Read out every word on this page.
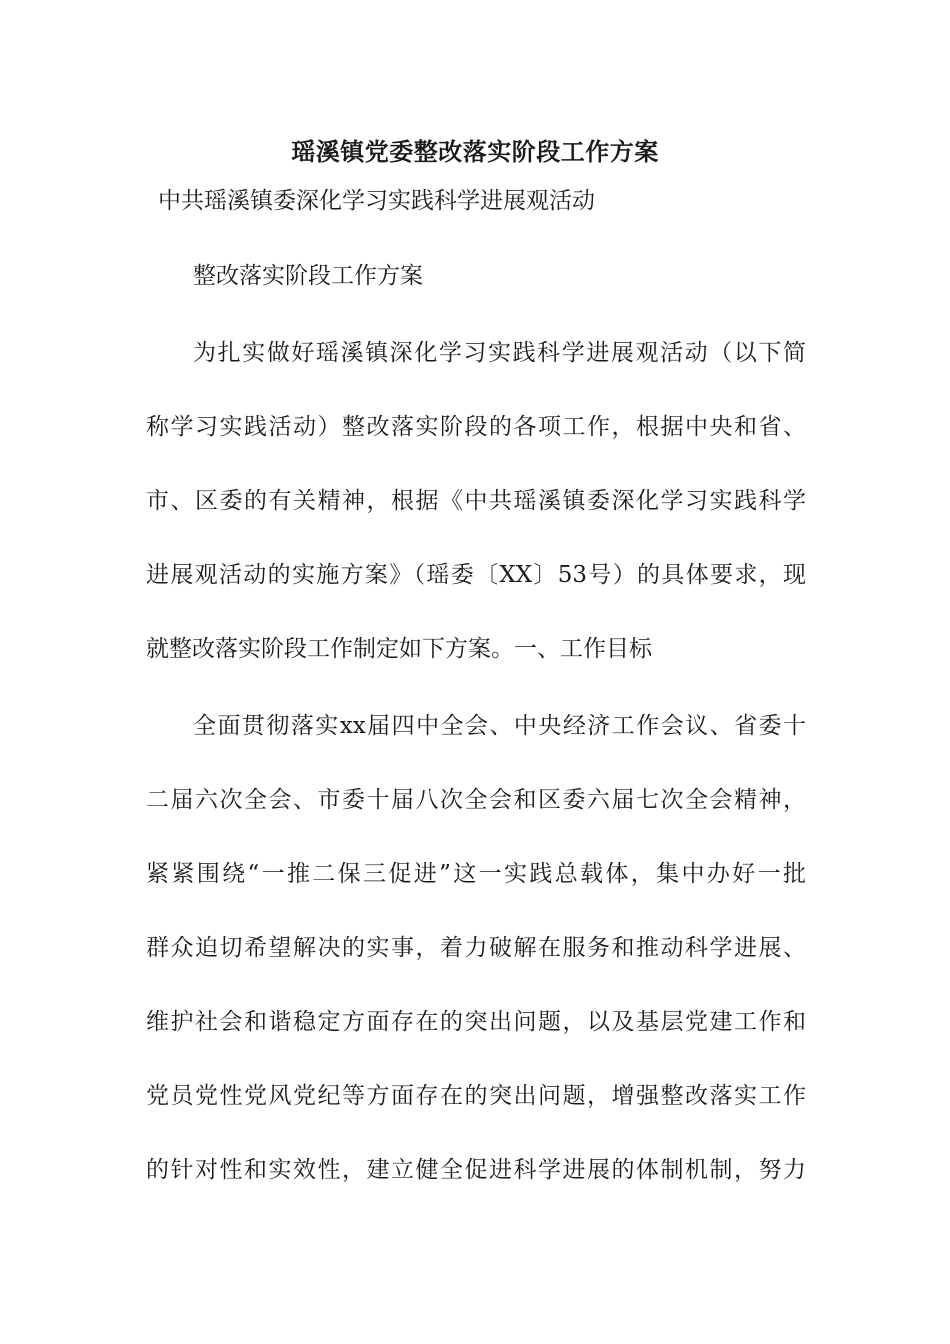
瑶溪镇党委整改落实阶段工作方案
中共瑶溪镇委深化学习实践科学进展观活动
整改落实阶段工作方案
为扎实做好瑶溪镇深化学习实践科学进展观活动（以下简
称学习实践活动）整改落实阶段的各项工作，根据中央和省、
市、区委的有关精神，根据《中共瑶溪镇委深化学习实践科学
进展观活动的实施方案》（瑶委〔XX〕53号）的具体要求，现
就整改落实阶段工作制定如下方案。一、工作目标
全面贯彻落实xx届四中全会、中央经济工作会议、省委十
二届六次全会、市委十届八次全会和区委六届七次全会精神，
紧紧围绕“一推二保三促进”这一实践总载体，集中办好一批
群众迫切希望解决的实事，着力破解在服务和推动科学进展、
维护社会和谐稳定方面存在的突出问题，以及基层党建工作和
党员党性党风党纪等方面存在的突出问题，增强整改落实工作
的针对性和实效性，建立健全促进科学进展的体制机制，努力
